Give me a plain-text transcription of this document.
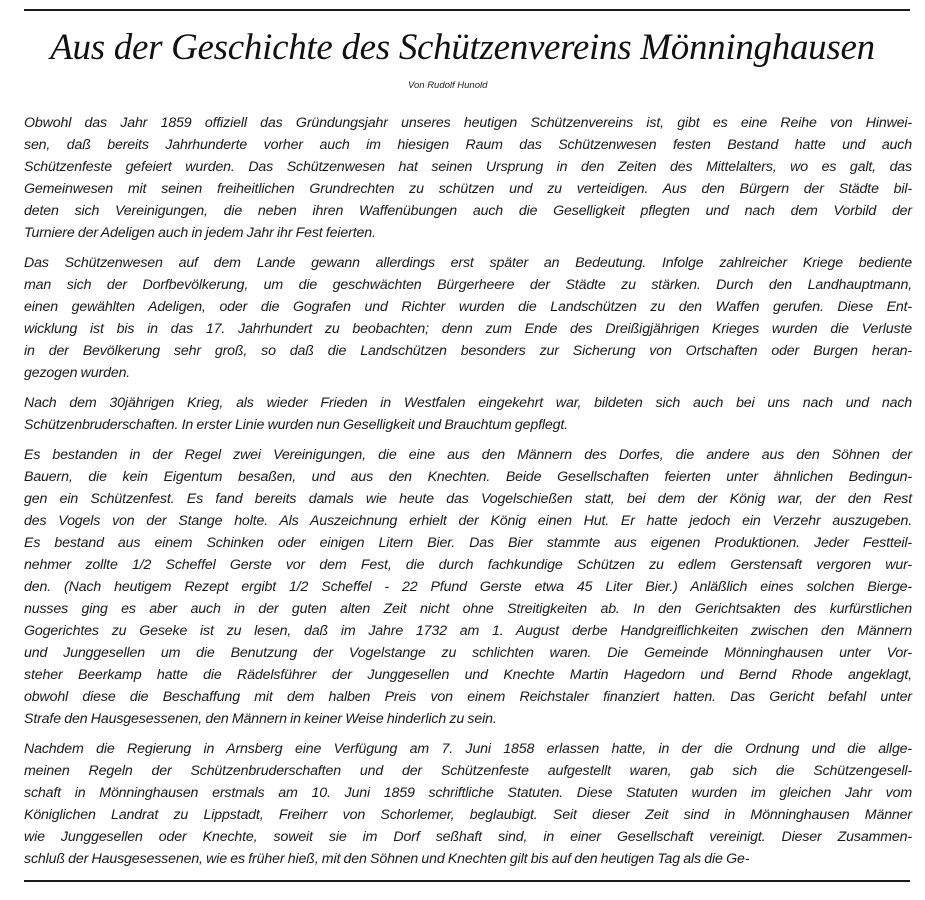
Aus der Geschichte des Schützenvereins Mönninghausen
Von Rudolf Hunold
Obwohl das Jahr 1859 offiziell das Gründungsjahr unseres heutigen Schützenvereins ist, gibt es eine Reihe von Hinwei-
sen, daß bereits Jahrhunderte vorher auch im hiesigen Raum das Schützenwesen festen Bestand hatte und auch
Schützenfeste gefeiert wurden. Das Schützenwesen hat seinen Ursprung in den Zeiten des Mittelalters, wo es galt, das
Gemeinwesen mit seinen freiheitlichen Grundrechten zu schützen und zu verteidigen. Aus den Bürgern der Städte bil-
deten sich Vereinigungen, die neben ihren Waffenübungen auch die Geselligkeit pflegten und nach dem Vorbild der
Turniere der Adeligen auch in jedem Jahr ihr Fest feierten.
Das Schützenwesen auf dem Lande gewann allerdings erst später an Bedeutung. Infolge zahlreicher Kriege bediente
man sich der Dorfbevölkerung, um die geschwächten Bürgerheere der Städte zu stärken. Durch den Landhauptmann,
einen gewählten Adeligen, oder die Gografen und Richter wurden die Landschützen zu den Waffen gerufen. Diese Ent-
wicklung ist bis in das 17. Jahrhundert zu beobachten; denn zum Ende des Dreißigjährigen Krieges wurden die Verluste
in der Bevölkerung sehr groß, so daß die Landschützen besonders zur Sicherung von Ortschaften oder Burgen heran-
gezogen wurden.
Nach dem 30jährigen Krieg, als wieder Frieden in Westfalen eingekehrt war, bildeten sich auch bei uns nach und nach
Schützenbruderschaften. In erster Linie wurden nun Geselligkeit und Brauchtum gepflegt.
Es bestanden in der Regel zwei Vereinigungen, die eine aus den Männern des Dorfes, die andere aus den Söhnen der
Bauern, die kein Eigentum besaßen, und aus den Knechten. Beide Gesellschaften feierten unter ähnlichen Bedingun-
gen ein Schützenfest. Es fand bereits damals wie heute das Vogelschießen statt, bei dem der König war, der den Rest
des Vogels von der Stange holte. Als Auszeichnung erhielt der König einen Hut. Er hatte jedoch ein Verzehr auszugeben.
Es bestand aus einem Schinken oder einigen Litern Bier. Das Bier stammte aus eigenen Produktionen. Jeder Festteil-
nehmer zollte 1/2 Scheffel Gerste vor dem Fest, die durch fachkundige Schützen zu edlem Gerstensaft vergoren wur-
den. (Nach heutigem Rezept ergibt 1/2 Scheffel - 22 Pfund Gerste etwa 45 Liter Bier.) Anläßlich eines solchen Biergе-
nusses ging es aber auch in der guten alten Zeit nicht ohne Streitigkeiten ab. In den Gerichtsakten des kurfürstlichen
Gogerichtes zu Geseke ist zu lesen, daß im Jahre 1732 am 1. August derbe Handgreiflichkeiten zwischen den Männern
und Junggesellen um die Benutzung der Vogelstange zu schlichten waren. Die Gemeinde Mönninghausen unter Vor-
steher Beerkamp hatte die Rädelsführer der Junggesellen und Knechte Martin Hagedorn und Bernd Rhode angeklagt,
obwohl diese die Beschaffung mit dem halben Preis von einem Reichstaler finanziert hatten. Das Gericht befahl unter
Strafe den Hausgesessenen, den Männern in keiner Weise hinderlich zu sein.
Nachdem die Regierung in Arnsberg eine Verfügung am 7. Juni 1858 erlassen hatte, in der die Ordnung und die allge-
meinen Regeln der Schützenbruderschaften und der Schützenfeste aufgestellt waren, gab sich die Schützengesell-
schaft in Mönninghausen erstmals am 10. Juni 1859 schriftliche Statuten. Diese Statuten wurden im gleichen Jahr vom
Königlichen Landrat zu Lippstadt, Freiherr von Schorlemer, beglaubigt. Seit dieser Zeit sind in Mönninghausen Männer
wie Junggesellen oder Knechte, soweit sie im Dorf seßhaft sind, in einer Gesellschaft vereinigt. Dieser Zusammen-
schluß der Hausgesessenen, wie es früher hieß, mit den Söhnen und Knechten gilt bis auf den heutigen Tag als die Ge-
